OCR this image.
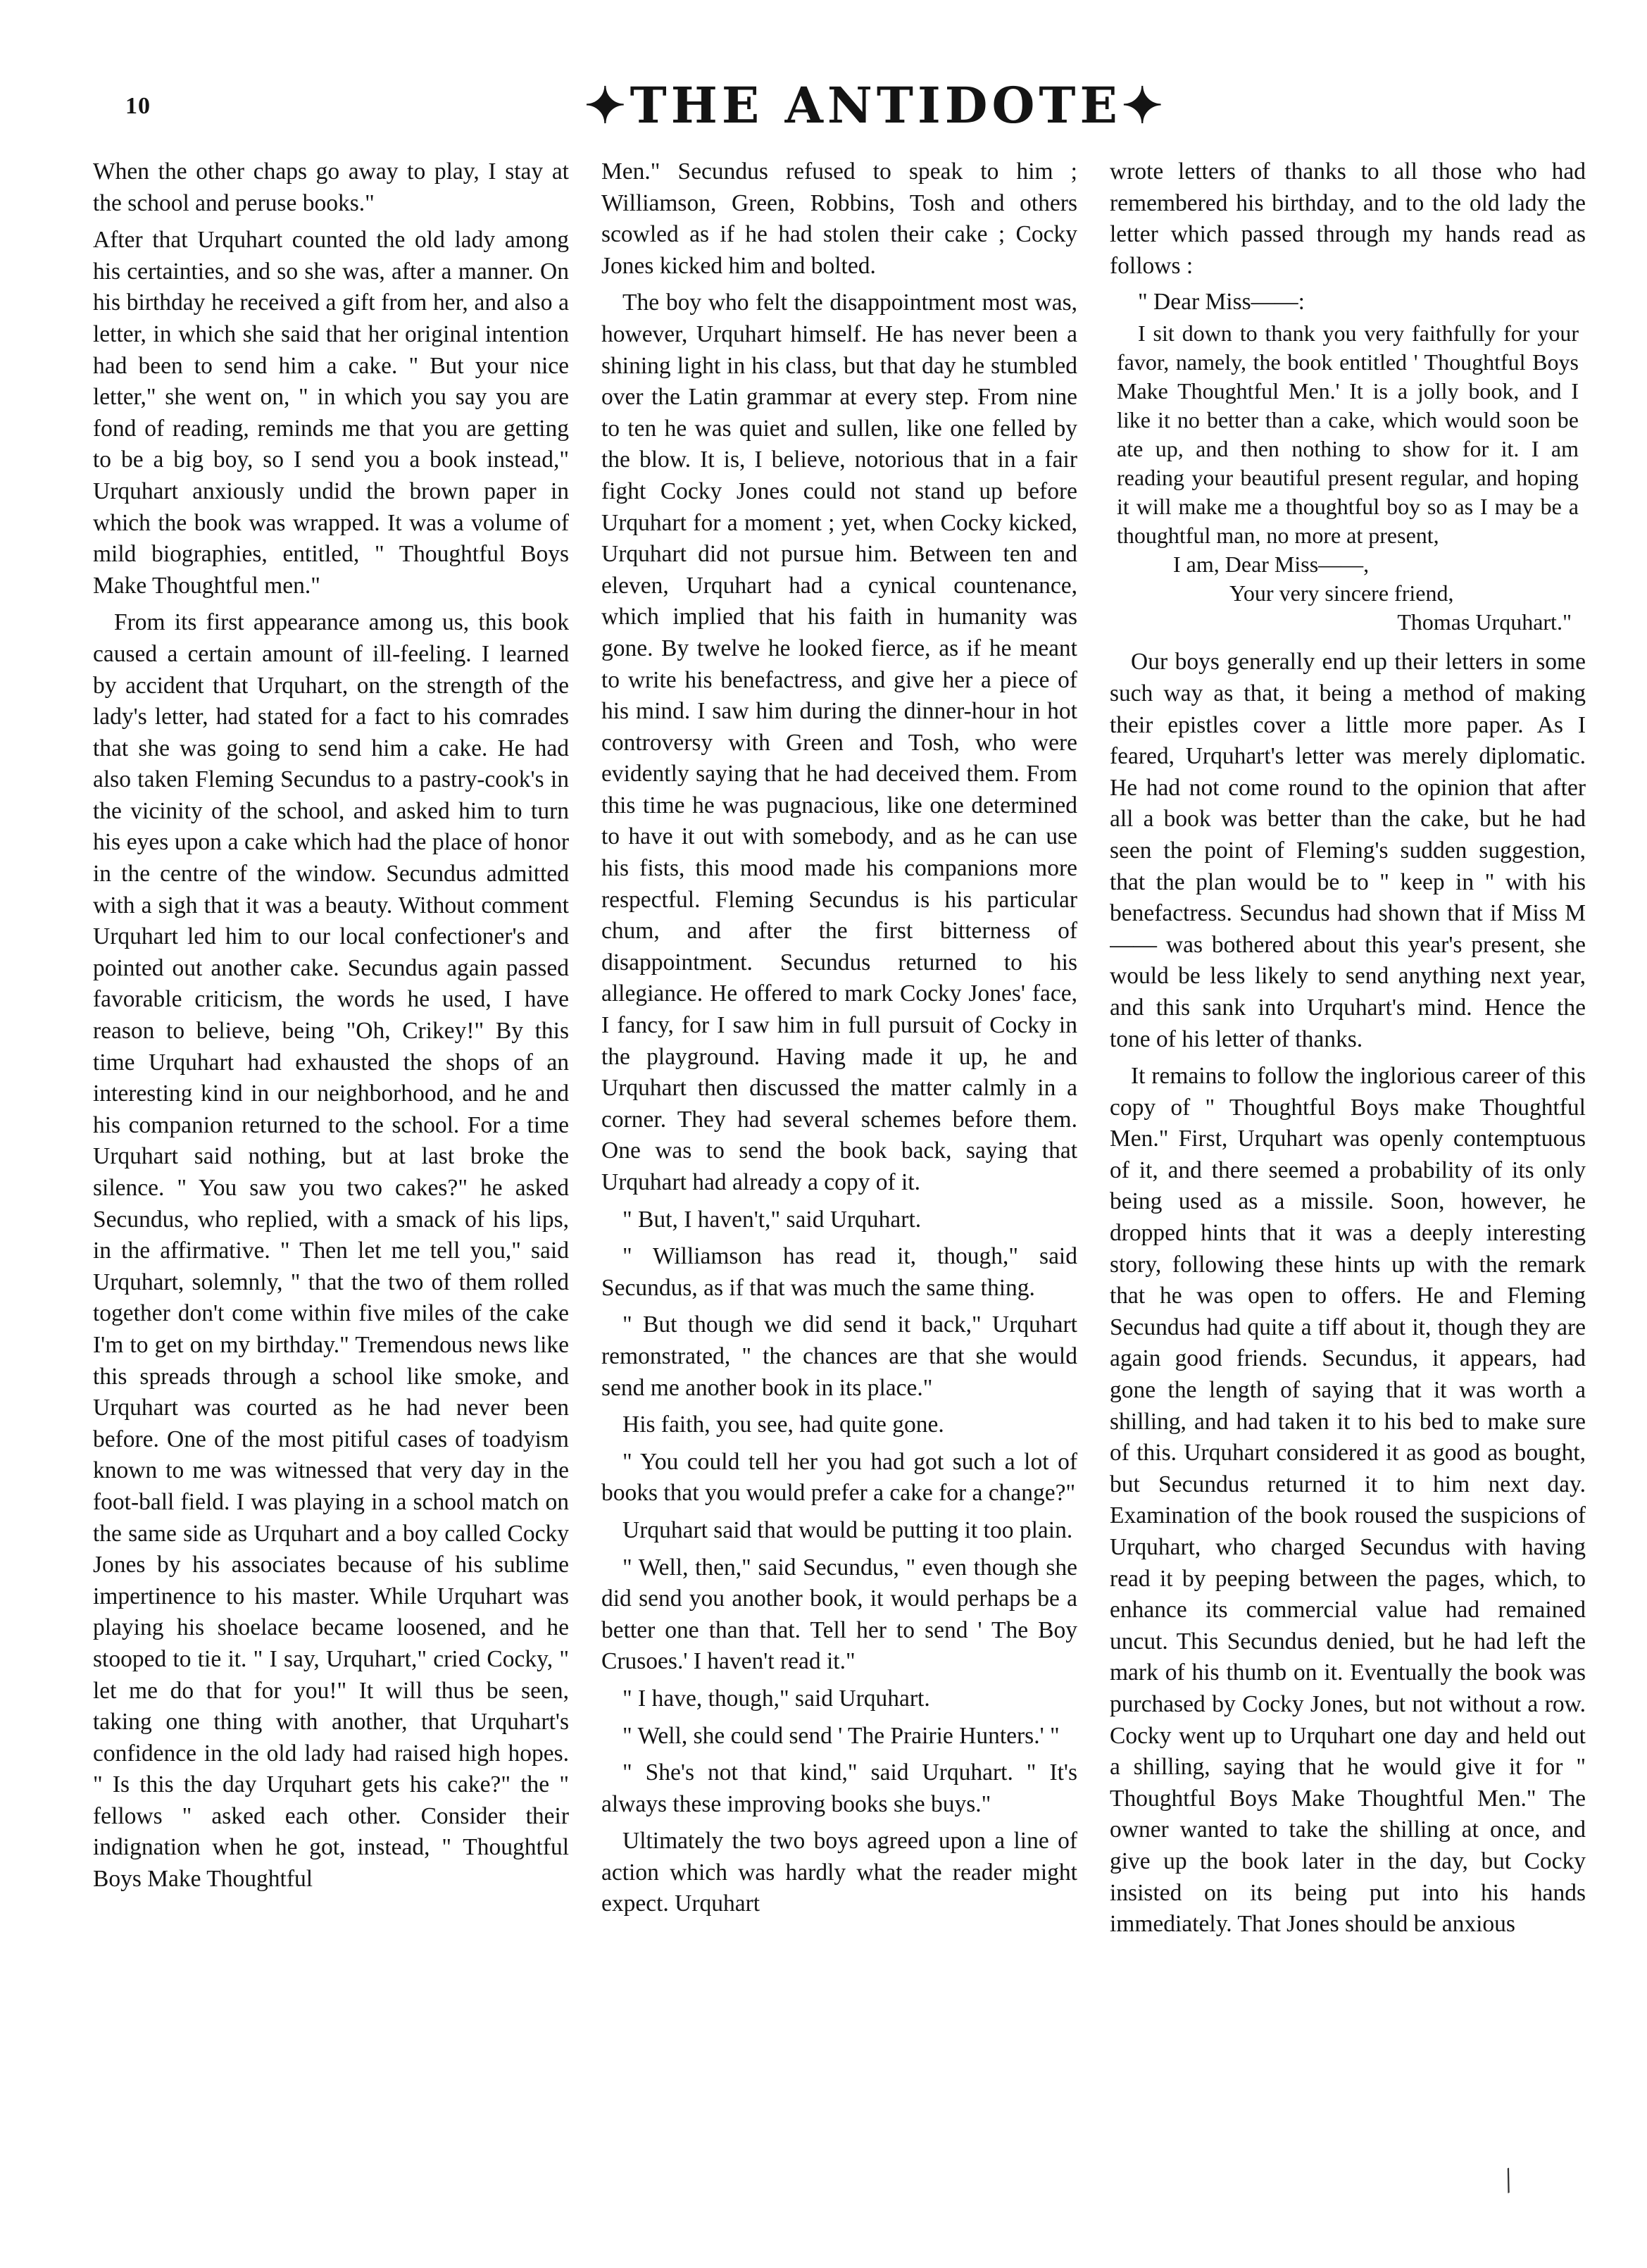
10	✦THE ANTIDOTE✦

When the other chaps go away to play, I stay at the school and peruse books."

After that Urquhart counted the old lady among his certainties, and so she was, after a manner. On his birthday he received a gift from her, and also a letter, in which she said that her original intention had been to send him a cake. " But your nice letter," she went on, " in which you say you are fond of reading, reminds me that you are getting to be a big boy, so I send you a book instead," Urquhart anxiously undid the brown paper in which the book was wrapped. It was a volume of mild biographies, entitled, " Thoughtful Boys Make Thoughtful men."

From its first appearance among us, this book caused a certain amount of ill-feeling. I learned by accident that Urquhart, on the strength of the lady's letter, had stated for a fact to his comrades that she was going to send him a cake. He had also taken Fleming Secundus to a pastry-cook's in the vicinity of the school, and asked him to turn his eyes upon a cake which had the place of honor in the centre of the window. Secundus admitted with a sigh that it was a beauty. Without comment Urquhart led him to our local confectioner's and pointed out another cake. Secundus again passed favorable criticism, the words he used, I have reason to believe, being "Oh, Crikey!" By this time Urquhart had exhausted the shops of an interesting kind in our neighborhood, and he and his companion returned to the school. For a time Urquhart said nothing, but at last broke the silence. " You saw you two cakes?" he asked Secundus, who replied, with a smack of his lips, in the affirmative. " Then let me tell you," said Urquhart, solemnly, " that the two of them rolled together don't come within five miles of the cake I'm to get on my birthday." Tremendous news like this spreads through a school like smoke, and Urquhart was courted as he had never been before. One of the most pitiful cases of toadyism known to me was witnessed that very day in the foot-ball field. I was playing in a school match on the same side as Urquhart and a boy called Cocky Jones by his associates because of his sublime impertinence to his master. While Urquhart was playing his shoelace became loosened, and he stooped to tie it. " I say, Urquhart," cried Cocky, " let me do that for you!" It will thus be seen, taking one thing with another, that Urquhart's confidence in the old lady had raised high hopes. " Is this the day Urquhart gets his cake?" the " fellows " asked each other. Consider their indignation when he got, instead, " Thoughtful Boys Make Thoughtful

Men." Secundus refused to speak to him ; Williamson, Green, Robbins, Tosh and others scowled as if he had stolen their cake ; Cocky Jones kicked him and bolted.

The boy who felt the disappointment most was, however, Urquhart himself. He has never been a shining light in his class, but that day he stumbled over the Latin grammar at every step. From nine to ten he was quiet and sullen, like one felled by the blow. It is, I believe, notorious that in a fair fight Cocky Jones could not stand up before Urquhart for a moment ; yet, when Cocky kicked, Urquhart did not pursue him. Between ten and eleven, Urquhart had a cynical countenance, which implied that his faith in humanity was gone. By twelve he looked fierce, as if he meant to write his benefactress, and give her a piece of his mind. I saw him during the dinner-hour in hot controversy with Green and Tosh, who were evidently saying that he had deceived them. From this time he was pugnacious, like one determined to have it out with somebody, and as he can use his fists, this mood made his companions more respectful. Fleming Secundus is his particular chum, and after the first bitterness of disappointment. Secundus returned to his allegiance. He offered to mark Cocky Jones' face, I fancy, for I saw him in full pursuit of Cocky in the playground. Having made it up, he and Urquhart then discussed the matter calmly in a corner. They had several schemes before them. One was to send the book back, saying that Urquhart had already a copy of it.

" But, I haven't," said Urquhart.

" Williamson has read it, though," said Secundus, as if that was much the same thing.

" But though we did send it back," Urquhart remonstrated, " the chances are that she would send me another book in its place."

His faith, you see, had quite gone.

" You could tell her you had got such a lot of books that you would prefer a cake for a change?"

Urquhart said that would be putting it too plain.

" Well, then," said Secundus, " even though she did send you another book, it would perhaps be a better one than that. Tell her to send ' The Boy Crusoes.' I haven't read it."

" I have, though," said Urquhart.

" Well, she could send ' The Prairie Hunters.' "

" She's not that kind," said Urquhart. " It's always these improving books she buys."

Ultimately the two boys agreed upon a line of action which was hardly what the reader might expect. Urquhart

wrote letters of thanks to all those who had remembered his birthday, and to the old lady the letter which passed through my hands read as follows :

" Dear Miss——:

I sit down to thank you very faithfully for your favor, namely, the book entitled ' Thoughtful Boys Make Thoughtful Men.' It is a jolly book, and I like it no better than a cake, which would soon be ate up, and then nothing to show for it. I am reading your beautiful present regular, and hoping it will make me a thoughtful boy so as I may be a thoughtful man, no more at present,

I am, Dear Miss——,

Your very sincere friend,

Thomas Urquhart."

Our boys generally end up their letters in some such way as that, it being a method of making their epistles cover a little more paper. As I feared, Urquhart's letter was merely diplomatic. He had not come round to the opinion that after all a book was better than the cake, but he had seen the point of Fleming's sudden suggestion, that the plan would be to " keep in " with his benefactress. Secundus had shown that if Miss M—— was bothered about this year's present, she would be less likely to send anything next year, and this sank into Urquhart's mind. Hence the tone of his letter of thanks.

It remains to follow the inglorious career of this copy of " Thoughtful Boys make Thoughtful Men." First, Urquhart was openly contemptuous of it, and there seemed a probability of its only being used as a missile. Soon, however, he dropped hints that it was a deeply interesting story, following these hints up with the remark that he was open to offers. He and Fleming Secundus had quite a tiff about it, though they are again good friends. Secundus, it appears, had gone the length of saying that it was worth a shilling, and had taken it to his bed to make sure of this. Urquhart considered it as good as bought, but Secundus returned it to him next day. Examination of the book roused the suspicions of Urquhart, who charged Secundus with having read it by peeping between the pages, which, to enhance its commercial value had remained uncut. This Secundus denied, but he had left the mark of his thumb on it. Eventually the book was purchased by Cocky Jones, but not without a row. Cocky went up to Urquhart one day and held out a shilling, saying that he would give it for " Thoughtful Boys Make Thoughtful Men." The owner wanted to take the shilling at once, and give up the book later in the day, but Cocky insisted on its being put into his hands immediately. That Jones should be anxious

/
